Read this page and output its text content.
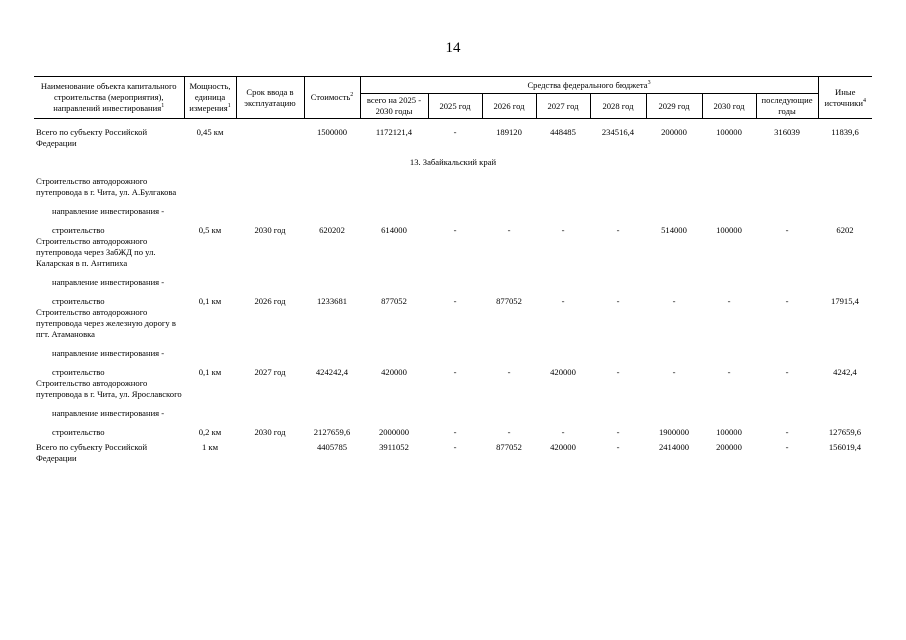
14
Наименование объекта капитального строительства (мероприятия), направлений инвестирования$^1$	Мощность, единица измерения$^1$	Срок ввода в эксплуатацию	Стоимость$^2$	Средства федерального бюджета$^3$								Иные источники$^4$
				всего на 2025 - 2030 годы	2025 год	2026 год	2027 год	2028 год	2029 год	2030 год	последующие годы	

Всего по субъекту Российской Федерации	0,45 км		1500000	1172121,4	-	189120	448485	234516,4	200000	100000	316039	11839,6

13. Забайкальский край												

Строительство автодорожного путепровода в г. Чита, ул. А.Булгакова												

направление инвестирования -												

строительство	0,5 км	2030 год	620202	614000	-	-	-	-	514000	100000	-	6202
Строительство автодорожного путепровода через ЗабЖД по ул. Каларская в п. Антипиха												

направление инвестирования -												

строительство	0,1 км	2026 год	1233681	877052	-	877052	-	-	-	-	-	17915,4
Строительство автодорожного путепровода через железную дорогу в пгт. Атамановка												

направление инвестирования -												

строительство	0,1 км	2027 год	424242,4	420000	-	-	420000	-	-	-	-	4242,4
Строительство автодорожного путепровода в г. Чита, ул. Ярославского												

направление инвестирования -												

строительство	0,2 км	2030 год	2127659,6	2000000	-	-	-	-	1900000	100000	-	127659,6

Всего по субъекту Российской Федерации	1 км		4405785	3911052	-	877052	420000	-	2414000	200000	-	156019,4
